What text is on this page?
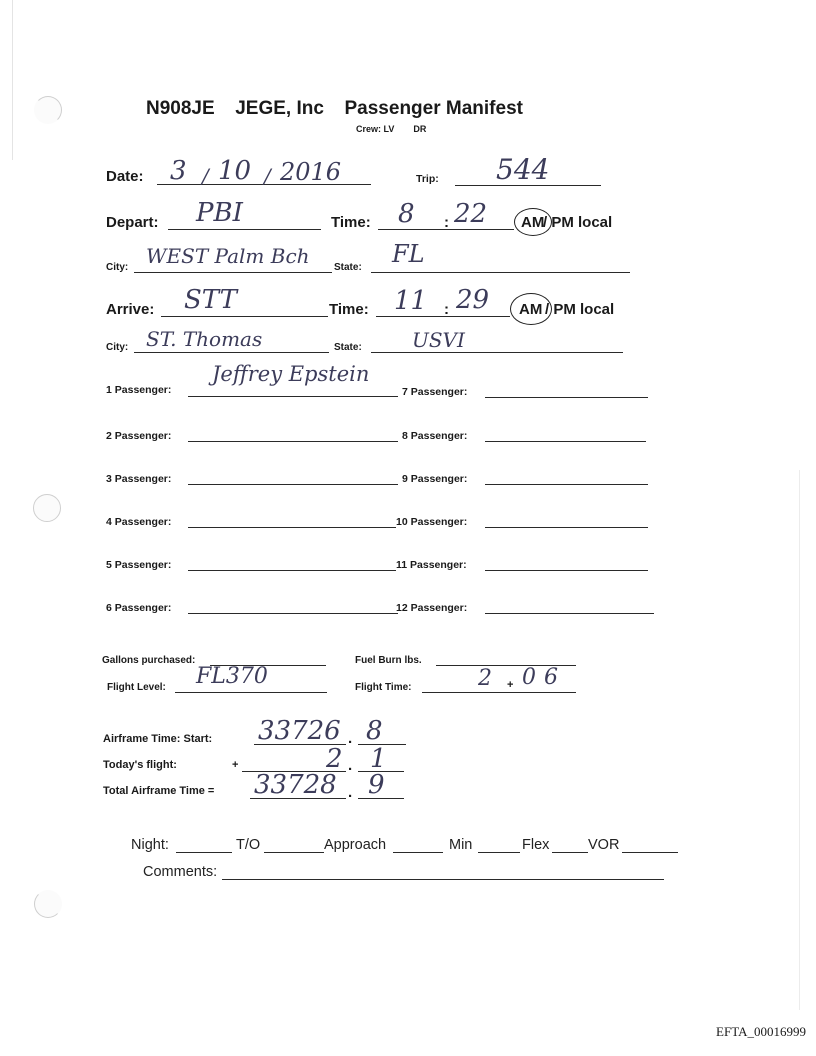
N908JE JEGE, Inc Passenger Manifest
Crew: LV DR
Date: 3 / 10 / 2016	Trip: 544
Depart: PBI	Time: 8 : 22 AM
/ PM local
City: WEST Palm Bch State: FL
Arrive: STT	Time: 11 : 29 AM / PM local
City: ST. Thomas	State:	USVI
1 Passenger:
Jeffrey Epstein
2 Passenger:
3 Passenger:
4 Passenger:
5 Passenger:
6 Passenger:
7 Passenger:
8 Passenger:
9 Passenger:
10 Passenger:
11 Passenger:
12 Passenger:
Gallons purchased:	Fuel Burn lbs.
Flight Level: FL370	Flight Time:	2 + 06
Airframe Time: Start: 33726 . 8
Today's flight:	+	2 . 1
Total Airframe Time = 33728 . 9
Night:	T/O	Approach	Min	Flex	VOR
Comments:
EFTA_00016999
